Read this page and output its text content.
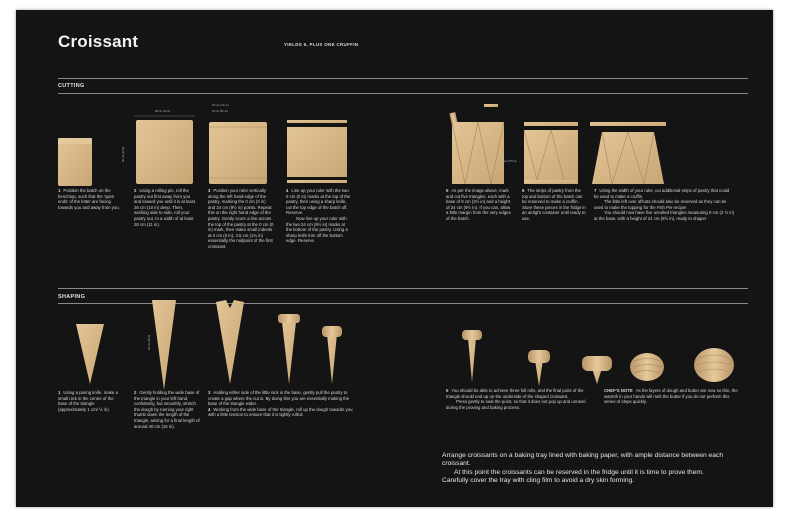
Croissant	YIELDS 6, PLUS ONE CRUFFIN
CUTTING
30 cm (10 in)
30 cm (10 in)
4½ cm (1¾ in)
24 cm (9½ in)
24 cm (9½ in)
9 cm (3½ in)
1 Position the batch on the benchtop, such that the 'open ends' of the letter are facing towards you and away from you.
2 Using a rolling pin, roll the pastry out first away from you and toward you until it is at least 26 cm (10 in) deep. Then, working side to side, roll your pastry out, to a width of at least 28 cm (11 in).
3 Position your ruler vertically along the left hand edge of the pastry, marking the 0 cm (0 in) and 24 cm (9½ in) points. Repeat this on the right hand edge of the pastry. Gently score a line across the top of the pastry at the 0 cm (0 in) mark, then make small indents at 0 cm (0 in), 4.5 cm (1¾ in) essentially the midpoint of the first croissant.
4 Line up your ruler with the two 0 cm (0 in) marks at the top of the pastry, then using a sharp knife, cut the top edge of the batch off. Reserve.
Now line up your ruler with the two 24 cm (9½ in) marks at the bottom of the pastry. Using a sharp knife trim off the bottom edge. Reserve.
5 As per the image above, mark and cut five triangles, each with a base of 9 cm (3½ in) and a height of 24 cm (9½ in). If you can, allow a little margin from the very edges of the batch.
6 The strips of pastry from the top and bottom of the batch can be reserved to make a cruffin. Store these pieces in the fridge in an airtight container until ready to use.
7 Using the width of your ruler, cut additional strips of pastry that could be used to make a cruffin.
The little left over offcuts should also be reserved as they can be used to make the topping for the Fish Pie recipe!
You should now have five unrolled triangles measuring 9 cm (3 ½ in) at the base, with a height of 24 cm (9½ in), ready to shape!
SHAPING
40 cm (16 in)
1 Using a paring knife, make a small nick in the centre of the base of the triangle (approximately 1 cm/ ½ in).
2 Gently holding the wide base of the triangle in your left hand, confidently, but smoothly, stretch the dough by running your right thumb down the length of the triangle, aiming for a final length of around 40 cm (16 in).
3 Holding either side of the little nick in the base, gently pull the pastry to create a gap where the cut is. By doing this you are essentially making the base of the triangle wider.
4 Working from the wide base of the triangle, roll up the dough towards you with a little tension to ensure that it is tightly rolled.
5 You should be able to achieve three full rolls, and the final point of the triangle should end up on the underside of the shaped croissant.
Press gently to seal the point, so that it does not pop up and unravel during the proving and baking process.
CHEF'S NOTE As the layers of dough and butter are now so thin, the warmth in your hands will melt the butter if you do not perform this series of steps quickly.

Arrange croissants on a baking tray lined with baking paper, with ample distance between each croissant.

At this point the croissants can be reserved in the fridge until it is time to prove them.

Carefully cover the tray with cling film to avoid a dry skin forming.
